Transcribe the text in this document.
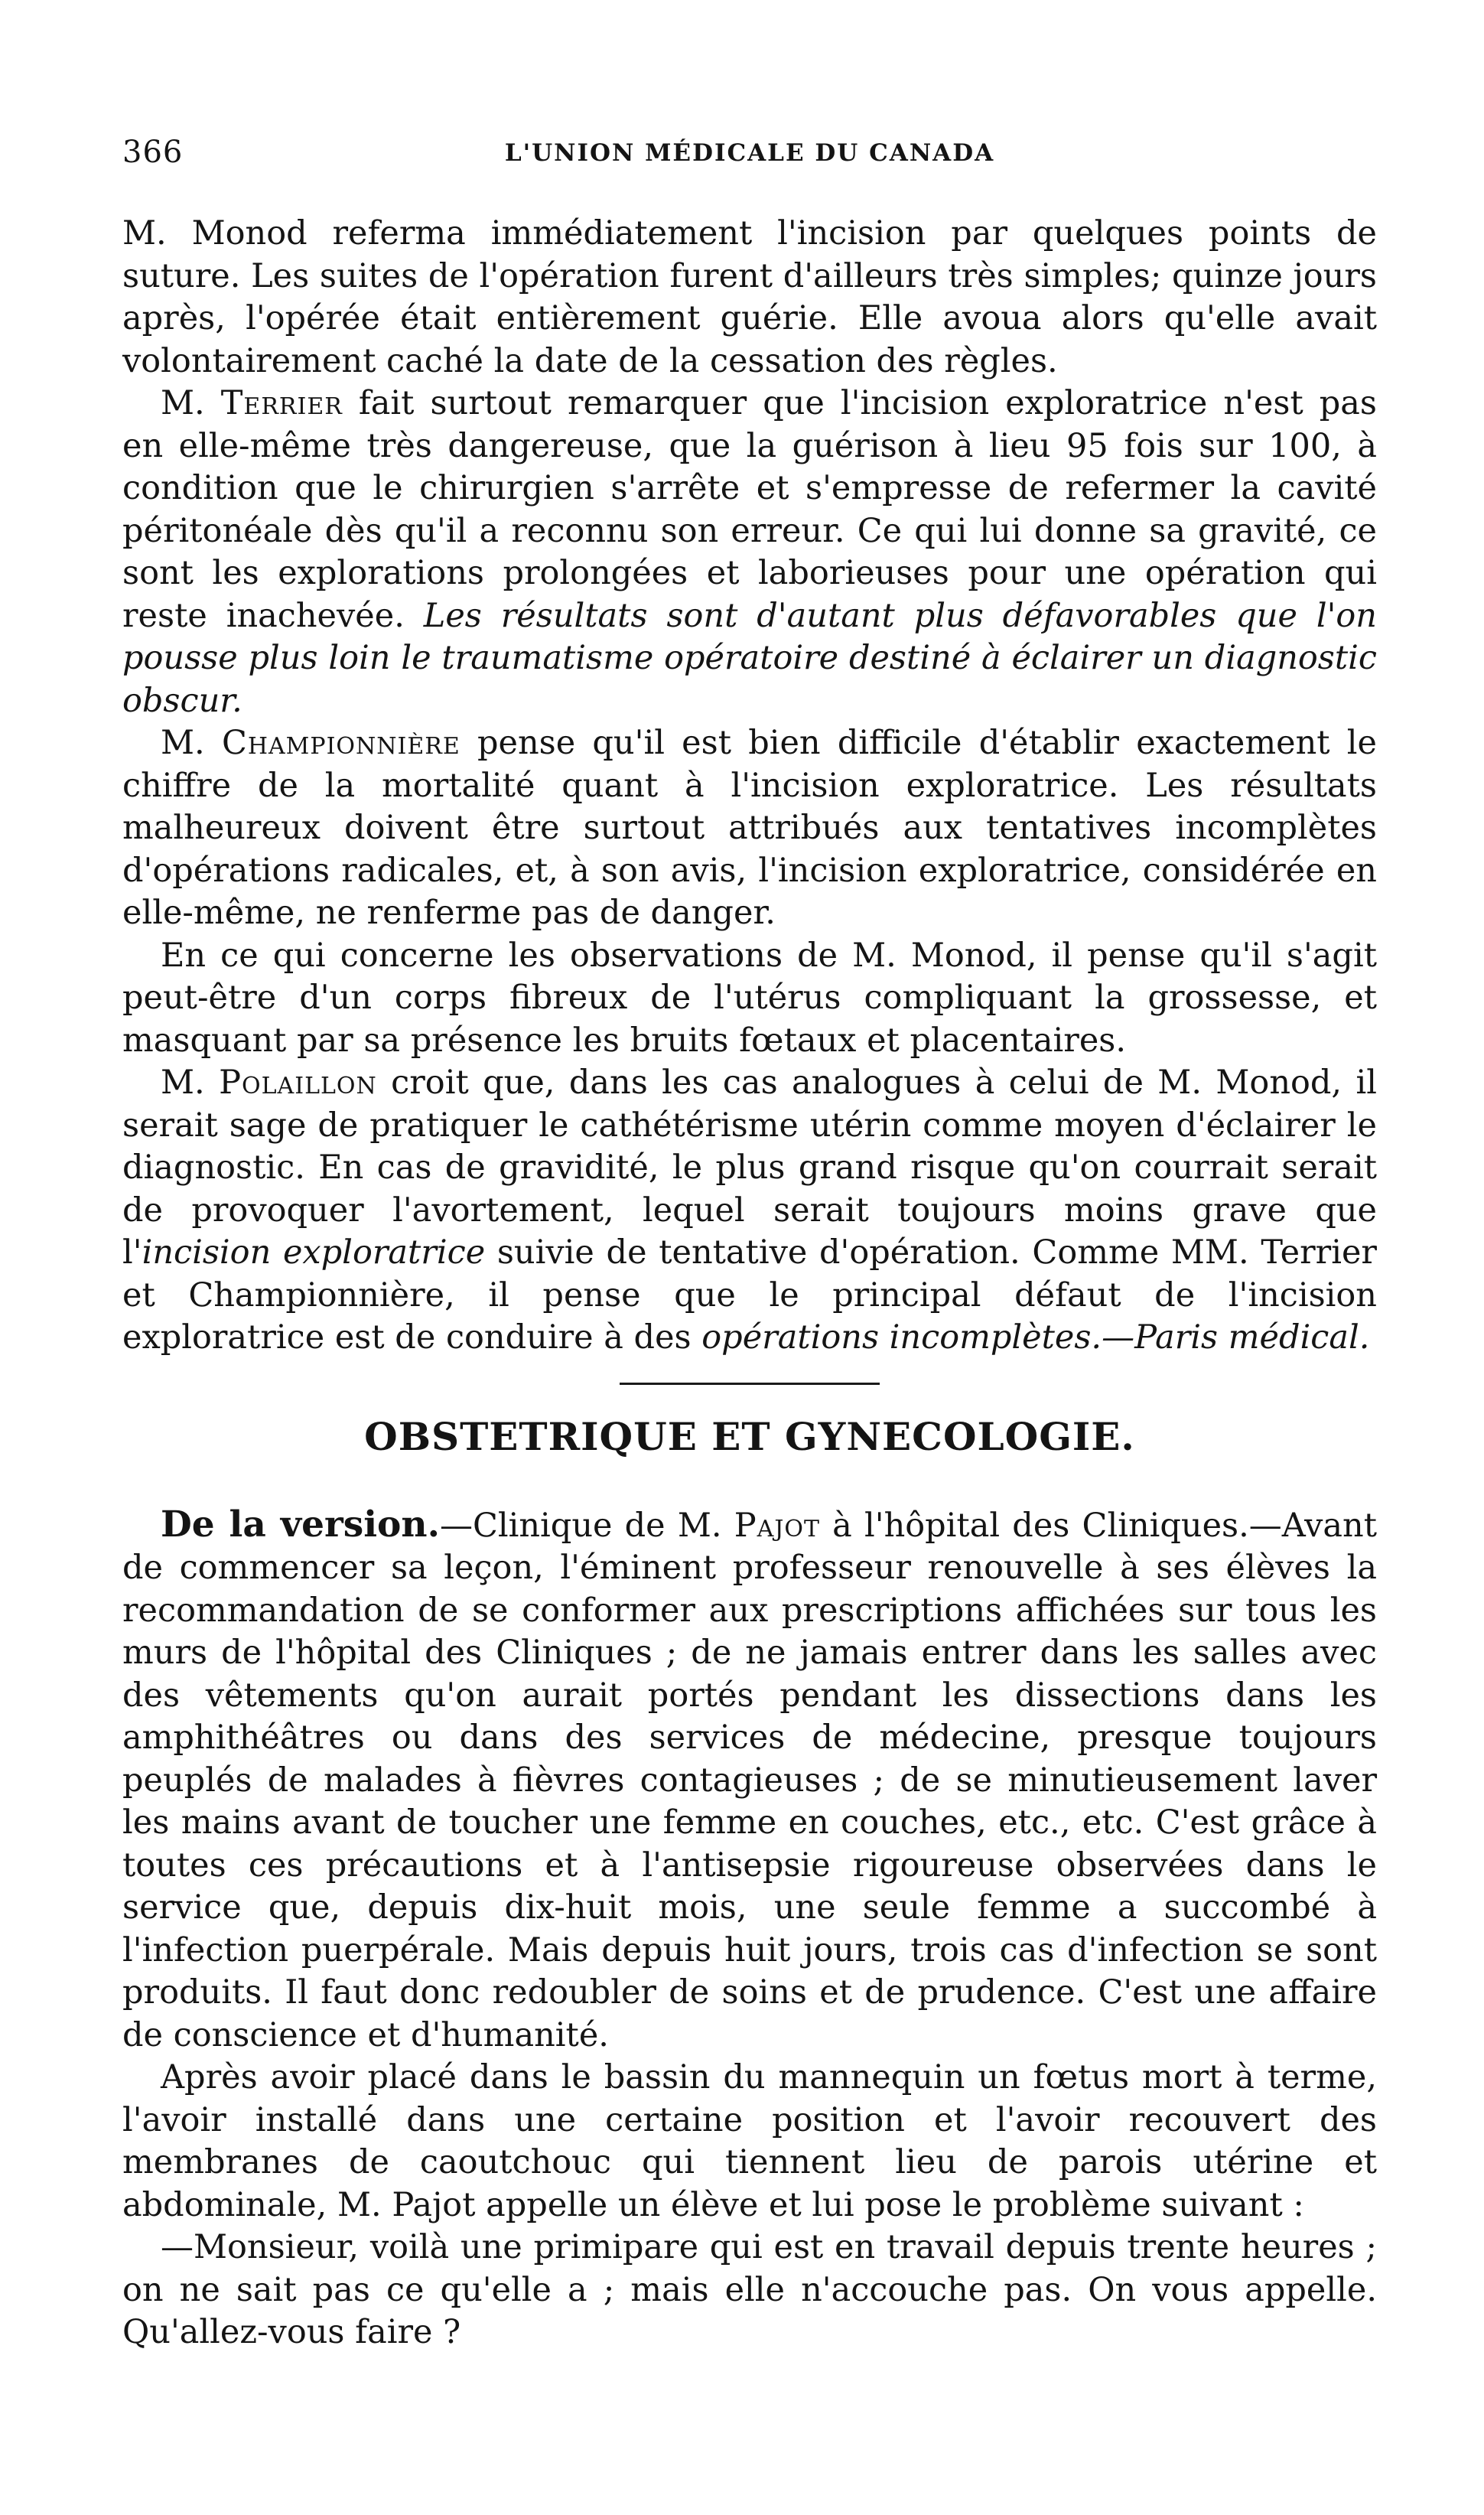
366	L'UNION MÉDICALE DU CANADA

M. Monod referma immédiatement l'incision par quelques points de suture. Les suites de l'opération furent d'ailleurs très simples; quinze jours après, l'opérée était entièrement guérie. Elle avoua alors qu'elle avait volontairement caché la date de la cessation des règles.

M. Terrier fait surtout remarquer que l'incision exploratrice n'est pas en elle-même très dangereuse, que la guérison à lieu 95 fois sur 100, à condition que le chirurgien s'arrête et s'empresse de refermer la cavité péritonéale dès qu'il a reconnu son erreur. Ce qui lui donne sa gravité, ce sont les explorations prolongées et laborieuses pour une opération qui reste inachevée. Les résultats sont d'autant plus défavorables que l'on pousse plus loin le traumatisme opératoire destiné à éclairer un diagnostic obscur.

M. Championnière pense qu'il est bien difficile d'établir exactement le chiffre de la mortalité quant à l'incision exploratrice. Les résultats malheureux doivent être surtout attribués aux tentatives incomplètes d'opérations radicales, et, à son avis, l'incision exploratrice, considérée en elle-même, ne renferme pas de danger.

En ce qui concerne les observations de M. Monod, il pense qu'il s'agit peut-être d'un corps fibreux de l'utérus compliquant la grossesse, et masquant par sa présence les bruits fœtaux et placentaires.

M. Polaillon croit que, dans les cas analogues à celui de M. Monod, il serait sage de pratiquer le cathétérisme utérin comme moyen d'éclairer le diagnostic. En cas de gravidité, le plus grand risque qu'on courrait serait de provoquer l'avortement, lequel serait toujours moins grave que l'incision exploratrice suivie de tentative d'opération. Comme MM. Terrier et Championnière, il pense que le principal défaut de l'incision exploratrice est de conduire à des opérations incomplètes.—Paris médical.

OBSTETRIQUE ET GYNECOLOGIE.

De la version.—Clinique de M. Pajot à l'hôpital des Cliniques.—Avant de commencer sa leçon, l'éminent professeur renouvelle à ses élèves la recommandation de se conformer aux prescriptions affichées sur tous les murs de l'hôpital des Cliniques ; de ne jamais entrer dans les salles avec des vêtements qu'on aurait portés pendant les dissections dans les amphithéâtres ou dans des services de médecine, presque toujours peuplés de malades à fièvres contagieuses ; de se minutieusement laver les mains avant de toucher une femme en couches, etc., etc. C'est grâce à toutes ces précautions et à l'antisepsie rigoureuse observées dans le service que, depuis dix-huit mois, une seule femme a succombé à l'infection puerpérale. Mais depuis huit jours, trois cas d'infection se sont produits. Il faut donc redoubler de soins et de prudence. C'est une affaire de conscience et d'humanité.

Après avoir placé dans le bassin du mannequin un fœtus mort à terme, l'avoir installé dans une certaine position et l'avoir recouvert des membranes de caoutchouc qui tiennent lieu de parois utérine et abdominale, M. Pajot appelle un élève et lui pose le problème suivant :

—Monsieur, voilà une primipare qui est en travail depuis trente heures ; on ne sait pas ce qu'elle a ; mais elle n'accouche pas. On vous appelle. Qu'allez-vous faire ?
